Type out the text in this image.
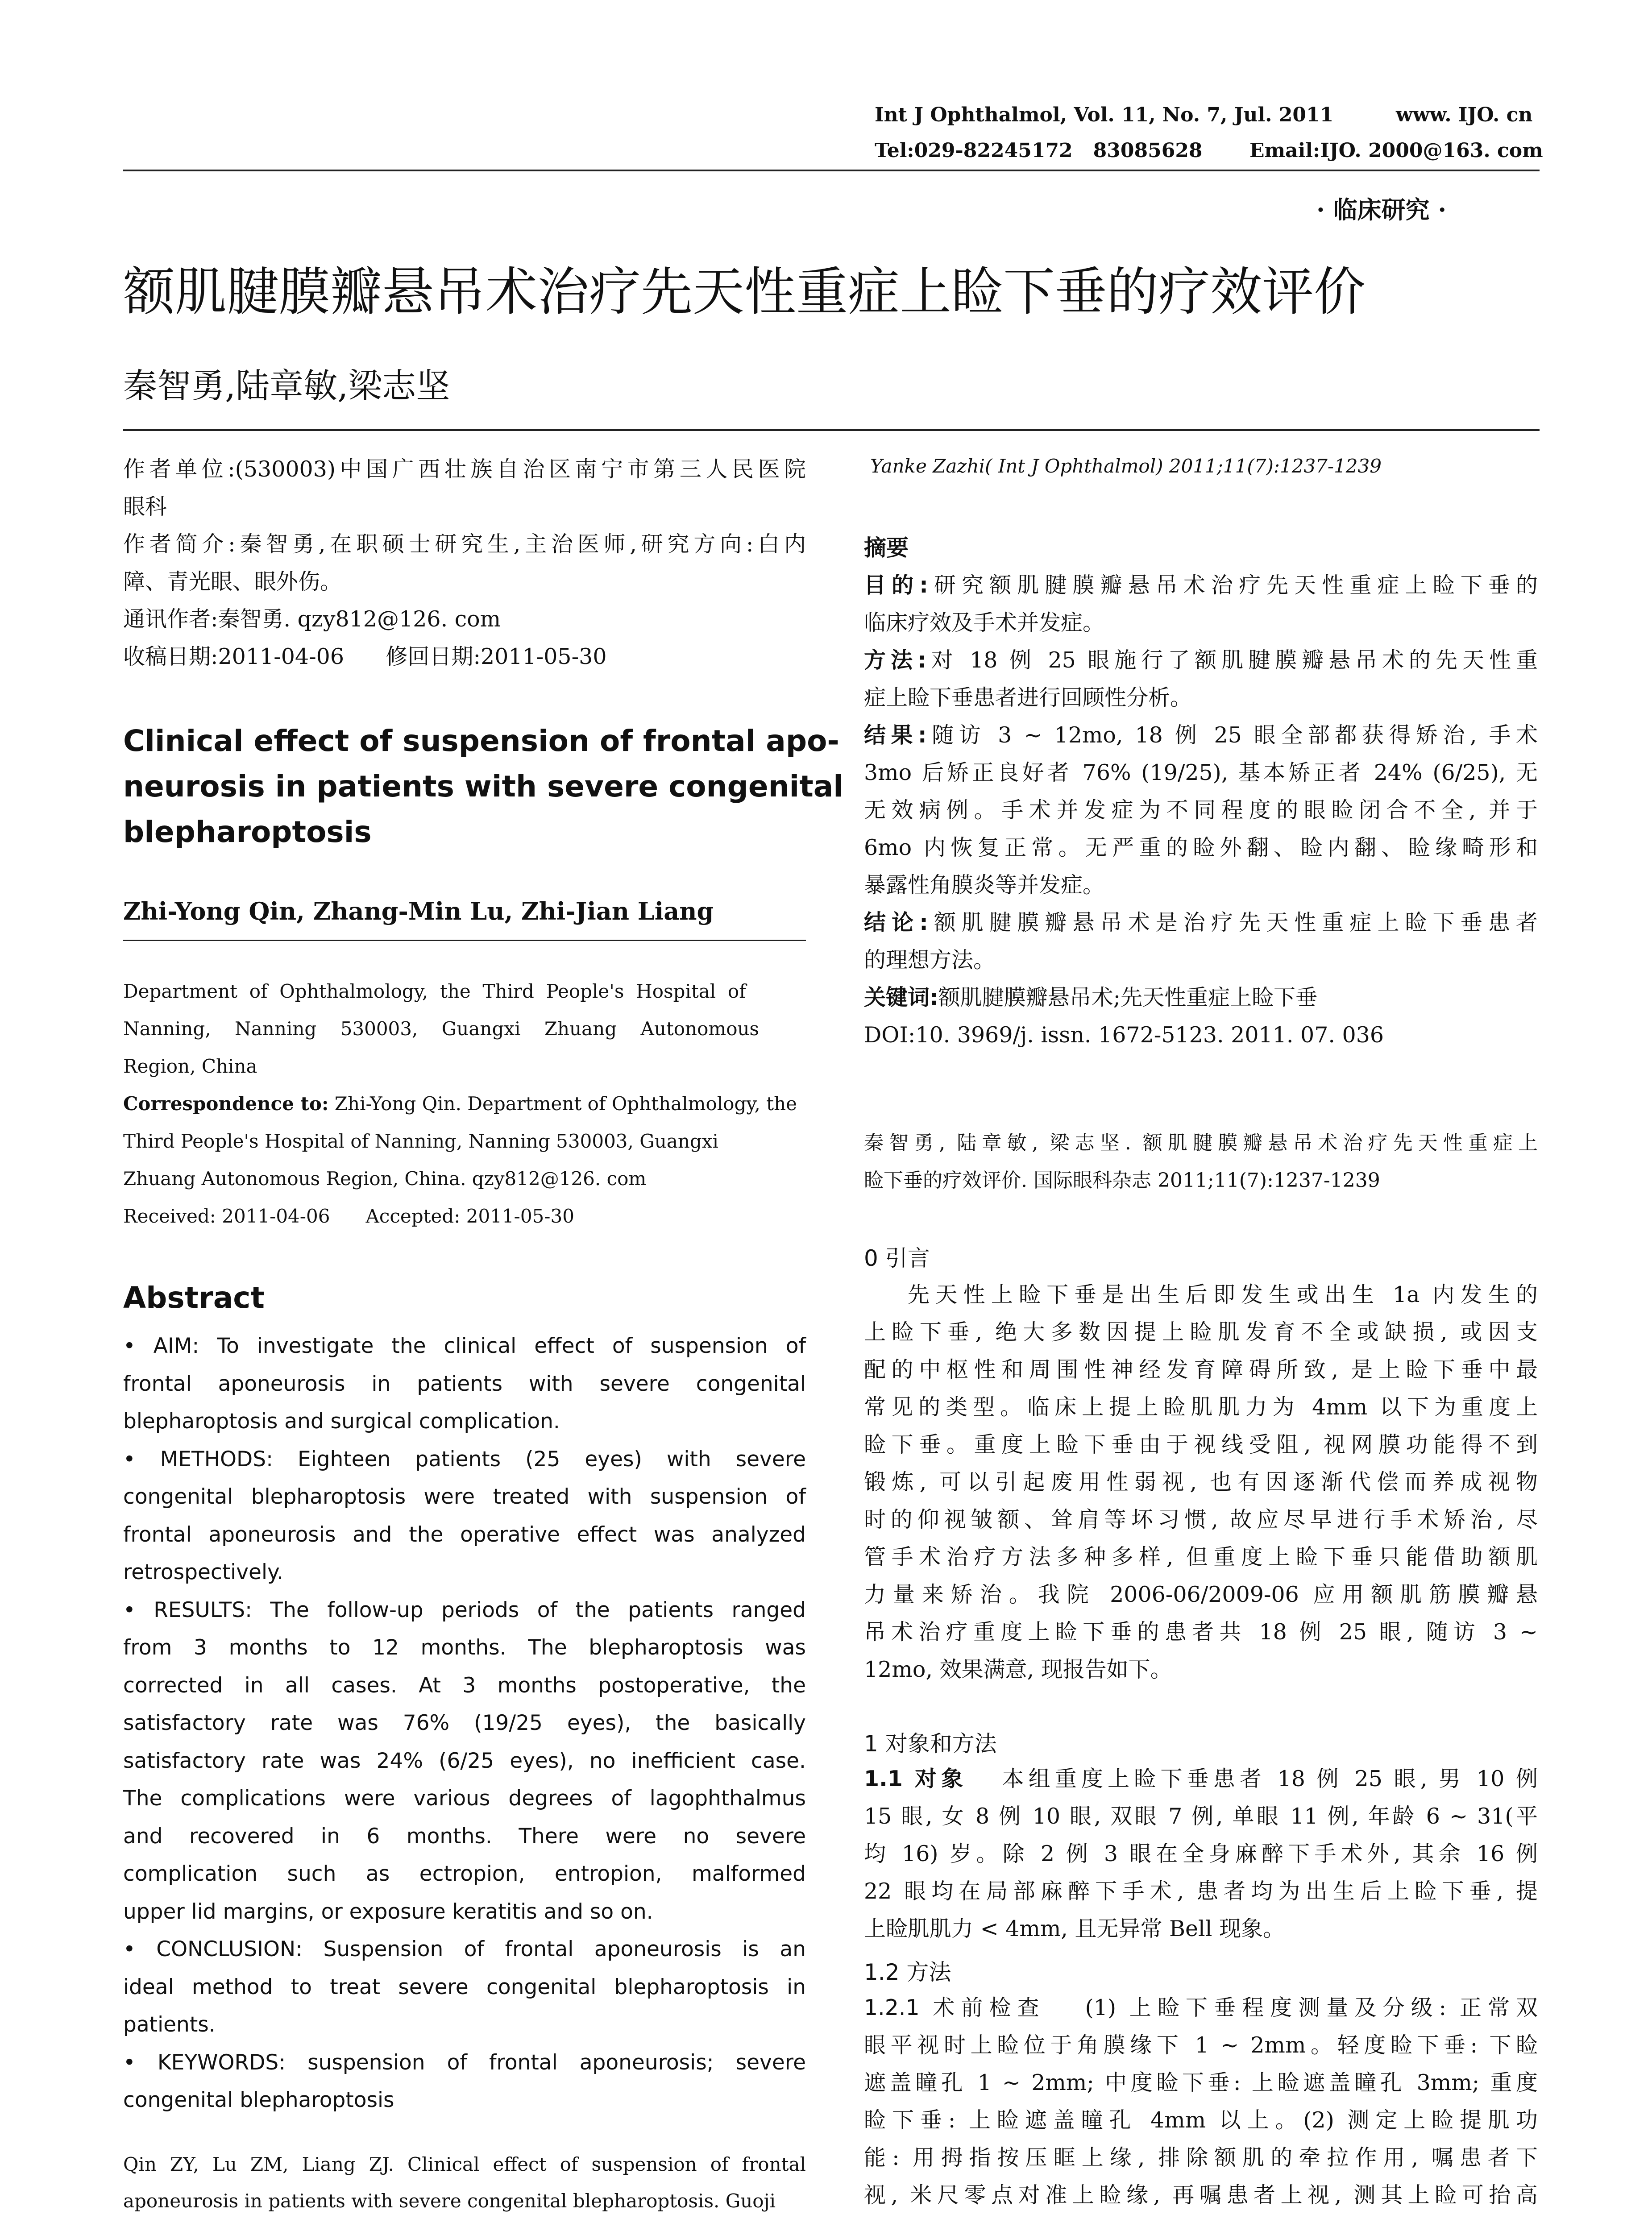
Int J Ophthalmol, Vol. 11, No. 7, Jul. 2011	www. IJO. cn
Tel:029-82245172   83085628 Email:IJO. 2000@163. com
· 临床研究 ·
额肌腱膜瓣悬吊术治疗先天性重症上睑下垂的疗效评价
秦智勇,陆章敏,梁志坚

作者单位:(530003)中国广西壮族自治区南宁市第三人民医院

眼科

作者简介:秦智勇,在职硕士研究生,主治医师,研究方向:白内

障、青光眼、眼外伤。

通讯作者:秦智勇. qzy812@126. com

收稿日期:2011-04-06      修回日期:2011-05-30

Clinical effect of suspension of frontal apo-

neurosis in patients with severe congenital

blepharoptosis

Zhi-Yong Qin, Zhang-Min Lu, Zhi-Jian Liang

Department  of  Ophthalmology,  the  Third  People's  Hospital  of

Nanning,    Nanning    530003,    Guangxi    Zhuang    Autonomous

Region, China

Correspondence to: Zhi-Yong Qin. Department of Ophthalmology, the

Third People's Hospital of Nanning, Nanning 530003, Guangxi

Zhuang Autonomous Region, China. qzy812@126. com

Received: 2011-04-06      Accepted: 2011-05-30

Abstract

• AIM: To investigate the clinical effect of suspension of

frontal aponeurosis in patients with severe congenital

blepharoptosis and surgical complication.

• METHODS: Eighteen patients (25 eyes) with severe

congenital blepharoptosis were treated with suspension of

frontal aponeurosis and the operative effect was analyzed

retrospectively.

• RESULTS: The follow-up periods of the patients ranged

from 3 months to 12 months. The blepharoptosis was

corrected in all cases. At 3 months postoperative, the

satisfactory rate was 76% (19/25 eyes), the basically

satisfactory rate was 24% (6/25 eyes), no inefficient case.

The complications were various degrees of lagophthalmus

and recovered in 6 months. There were no severe

complication such as ectropion, entropion, malformed

upper lid margins, or exposure keratitis and so on.

• CONCLUSION: Suspension of frontal aponeurosis is an

ideal method to treat severe congenital blepharoptosis in

patients.

• KEYWORDS: suspension of frontal aponeurosis; severe

congenital blepharoptosis

Qin ZY, Lu ZM, Liang ZJ. Clinical effect of suspension of frontal

aponeurosis in patients with severe congenital blepharoptosis. Guoji

Yanke Zazhi( Int J Ophthalmol) 2011;11(7):1237-1239
摘要

目的:研究额肌腱膜瓣悬吊术治疗先天性重症上睑下垂的

临床疗效及手术并发症。

方法:对 18 例 25 眼施行了额肌腱膜瓣悬吊术的先天性重

症上睑下垂患者进行回顾性分析。

结果:随访 3 ~ 12mo, 18 例 25 眼全部都获得矫治, 手术

3mo 后矫正良好者 76% (19/25), 基本矫正者 24% (6/25), 无

无效病例。手术并发症为不同程度的眼睑闭合不全, 并于

6mo 内恢复正常。无严重的睑外翻、睑内翻、睑缘畸形和

暴露性角膜炎等并发症。

结论:额肌腱膜瓣悬吊术是治疗先天性重症上睑下垂患者

的理想方法。

关键词:额肌腱膜瓣悬吊术;先天性重症上睑下垂

DOI:10. 3969/j. issn. 1672-5123. 2011. 07. 036

秦智勇, 陆章敏, 梁志坚. 额肌腱膜瓣悬吊术治疗先天性重症上

睑下垂的疗效评价. 国际眼科杂志 2011;11(7):1237-1239

0 引言

先天性上睑下垂是出生后即发生或出生 1a 内发生的

上睑下垂, 绝大多数因提上睑肌发育不全或缺损, 或因支

配的中枢性和周围性神经发育障碍所致, 是上睑下垂中最

常见的类型。临床上提上睑肌肌力为 4mm 以下为重度上

睑下垂。重度上睑下垂由于视线受阻, 视网膜功能得不到

锻炼, 可以引起废用性弱视, 也有因逐渐代偿而养成视物

时的仰视皱额、耸肩等坏习惯, 故应尽早进行手术矫治, 尽

管手术治疗方法多种多样, 但重度上睑下垂只能借助额肌

力量来矫治。我院 2006-06/2009-06 应用额肌筋膜瓣悬

吊术治疗重度上睑下垂的患者共 18 例 25 眼, 随访 3 ~

12mo, 效果满意, 现报告如下。

1 对象和方法

1.1 对象   本组重度上睑下垂患者 18 例 25 眼, 男 10 例

15 眼, 女 8 例 10 眼, 双眼 7 例, 单眼 11 例, 年龄 6 ~ 31(平

均 16) 岁。除 2 例 3 眼在全身麻醉下手术外, 其余 16 例

22 眼均在局部麻醉下手术, 患者均为出生后上睑下垂, 提

上睑肌肌力 < 4mm, 且无异常 Bell 现象。

1.2 方法

1.2.1 术前检查   (1) 上睑下垂程度测量及分级: 正常双

眼平视时上睑位于角膜缘下 1 ~ 2mm。轻度睑下垂: 下睑

遮盖瞳孔 1 ~ 2mm; 中度睑下垂: 上睑遮盖瞳孔 3mm; 重度

睑下垂: 上睑遮盖瞳孔 4mm 以上。(2) 测定上睑提肌功

能: 用拇指按压眶上缘, 排除额肌的牵拉作用, 嘱患者下

视, 米尺零点对准上睑缘, 再嘱患者上视, 测其上睑可抬高
